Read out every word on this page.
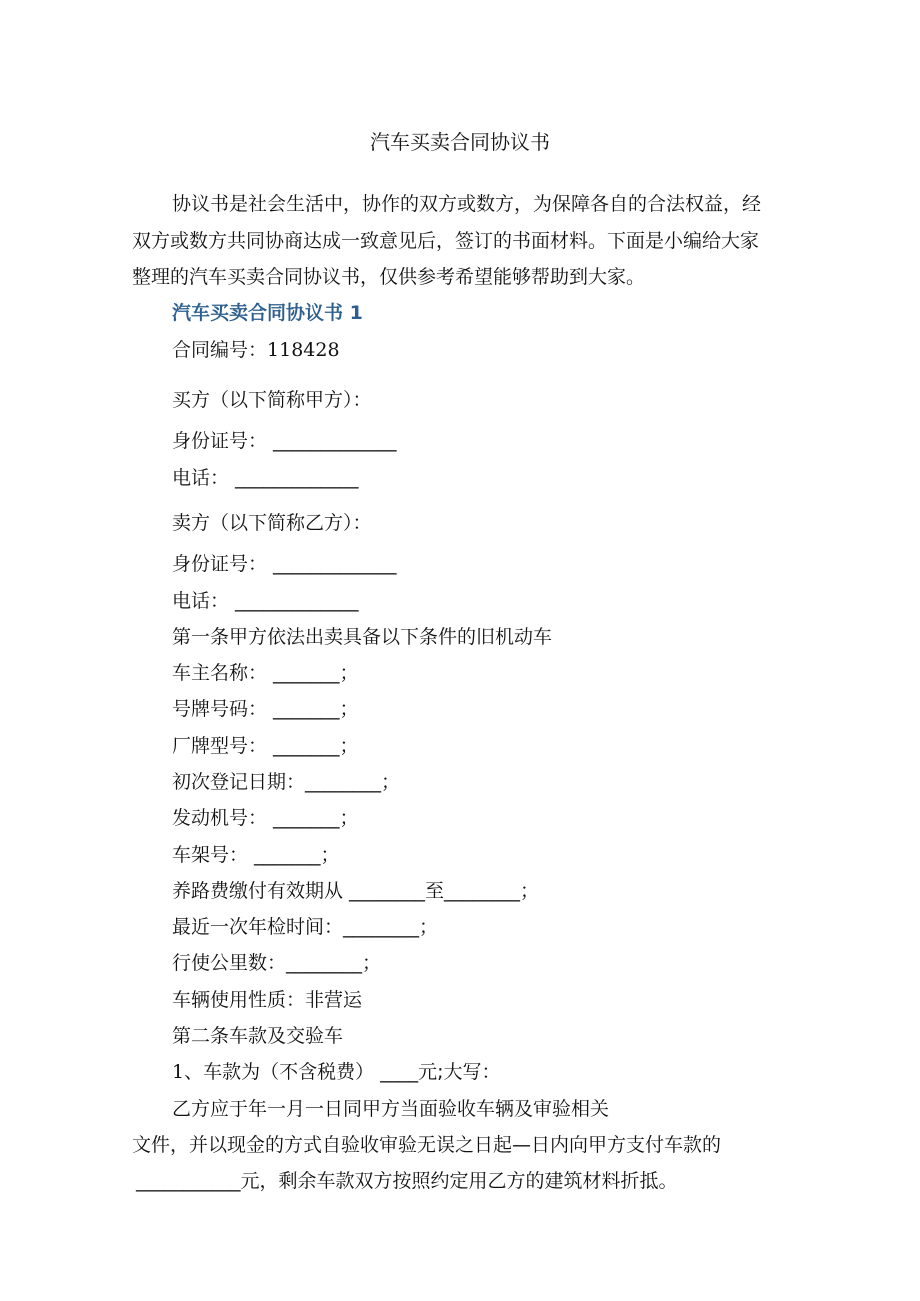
汽车买卖合同协议书
协议书是社会生活中，协作的双方或数方，为保障各自的合法权益，经
双方或数方共同协商达成一致意见后，签订的书面材料。下面是小编给大家
整理的汽车买卖合同协议书，仅供参考希望能够帮助到大家。
汽车买卖合同协议书 1
合同编号：118428
买方（以下简称甲方）：
身份证号： _____________
电话： _____________
卖方（以下简称乙方）：
身份证号： _____________
电话： _____________
第一条甲方依法出卖具备以下条件的旧机动车
车主名称： _______；
号牌号码： _______；
厂牌型号： _______；
初次登记日期：________；
发动机号： _______；
车架号： _______；
养路费缴付有效期从 ________至________；
最近一次年检时间：________；
行使公里数：________；
车辆使用性质：非营运
第二条车款及交验车
1、车款为（不含税费） ____元;大写：
乙方应于年一月一日同甲方当面验收车辆及审验相关
文件，并以现金的方式自验收审验无误之日起—日内向甲方支付车款的
___________元，剩余车款双方按照约定用乙方的建筑材料折抵。
